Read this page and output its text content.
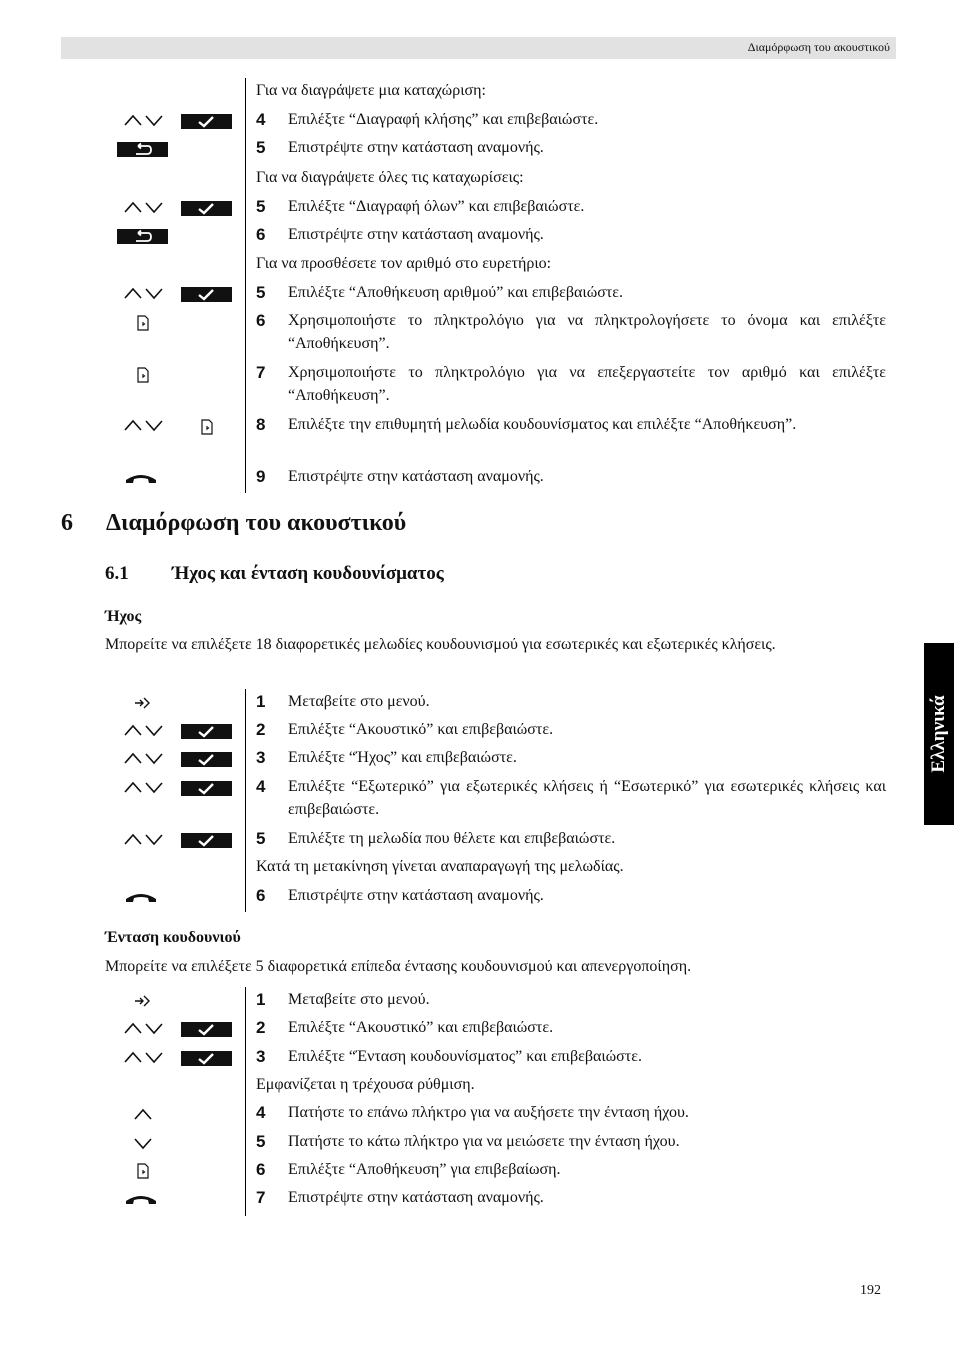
Διαμόρφωση του ακουστικού
Ελληνικά
Για να διαγράψετε μια καταχώριση:
4 Επιλέξτε “Διαγραφή κλήσης” και επιβεβαιώστε.
5 Επιστρέψτε στην κατάσταση αναμονής.
Για να διαγράψετε όλες τις καταχωρίσεις:
5 Επιλέξτε “Διαγραφή όλων” και επιβεβαιώστε.
6 Επιστρέψτε στην κατάσταση αναμονής.
Για να προσθέσετε τον αριθμό στο ευρετήριο:
5 Επιλέξτε “Αποθήκευση αριθμού” και επιβεβαιώστε.
6 Χρησιμοποιήστε το πληκτρολόγιο για να πληκτρολογήσετε το όνομα και επιλέξτε “Αποθήκευση”.
7 Χρησιμοποιήστε το πληκτρολόγιο για να επεξεργαστείτε τον αριθμό και επιλέξτε “Αποθήκευση”.
8 Επιλέξτε την επιθυμητή μελωδία κουδουνίσματος και επιλέξτε “Αποθήκευση”.
9 Επιστρέψτε στην κατάσταση αναμονής.
6 Διαμόρφωση του ακουστικού
6.1 Ήχος και ένταση κουδουνίσματος
Ήχος
Μπορείτε να επιλέξετε 18 διαφορετικές μελωδίες κουδουνισμού για εσωτερικές και εξωτερικές κλήσεις.
1 Μεταβείτε στο μενού.
2 Επιλέξτε “Ακουστικό” και επιβεβαιώστε.
3 Επιλέξτε “Ήχος” και επιβεβαιώστε.
4 Επιλέξτε “Εξωτερικό” για εξωτερικές κλήσεις ή “Εσωτερικό” για εσωτερικές κλήσεις και επιβεβαιώστε.
5 Επιλέξτε τη μελωδία που θέλετε και επιβεβαιώστε.
Κατά τη μετακίνηση γίνεται αναπαραγωγή της μελωδίας.
6 Επιστρέψτε στην κατάσταση αναμονής.
Ένταση κουδουνιού
Μπορείτε να επιλέξετε 5 διαφορετικά επίπεδα έντασης κουδουνισμού και απενεργοποίηση.
1 Μεταβείτε στο μενού.
2 Επιλέξτε “Ακουστικό” και επιβεβαιώστε.
3 Επιλέξτε “Ένταση κουδουνίσματος” και επιβεβαιώστε.
Εμφανίζεται η τρέχουσα ρύθμιση.
4 Πατήστε το επάνω πλήκτρο για να αυξήσετε την ένταση ήχου.
5 Πατήστε το κάτω πλήκτρο για να μειώσετε την ένταση ήχου.
6 Επιλέξτε “Αποθήκευση” για επιβεβαίωση.
7 Επιστρέψτε στην κατάσταση αναμονής.
192
